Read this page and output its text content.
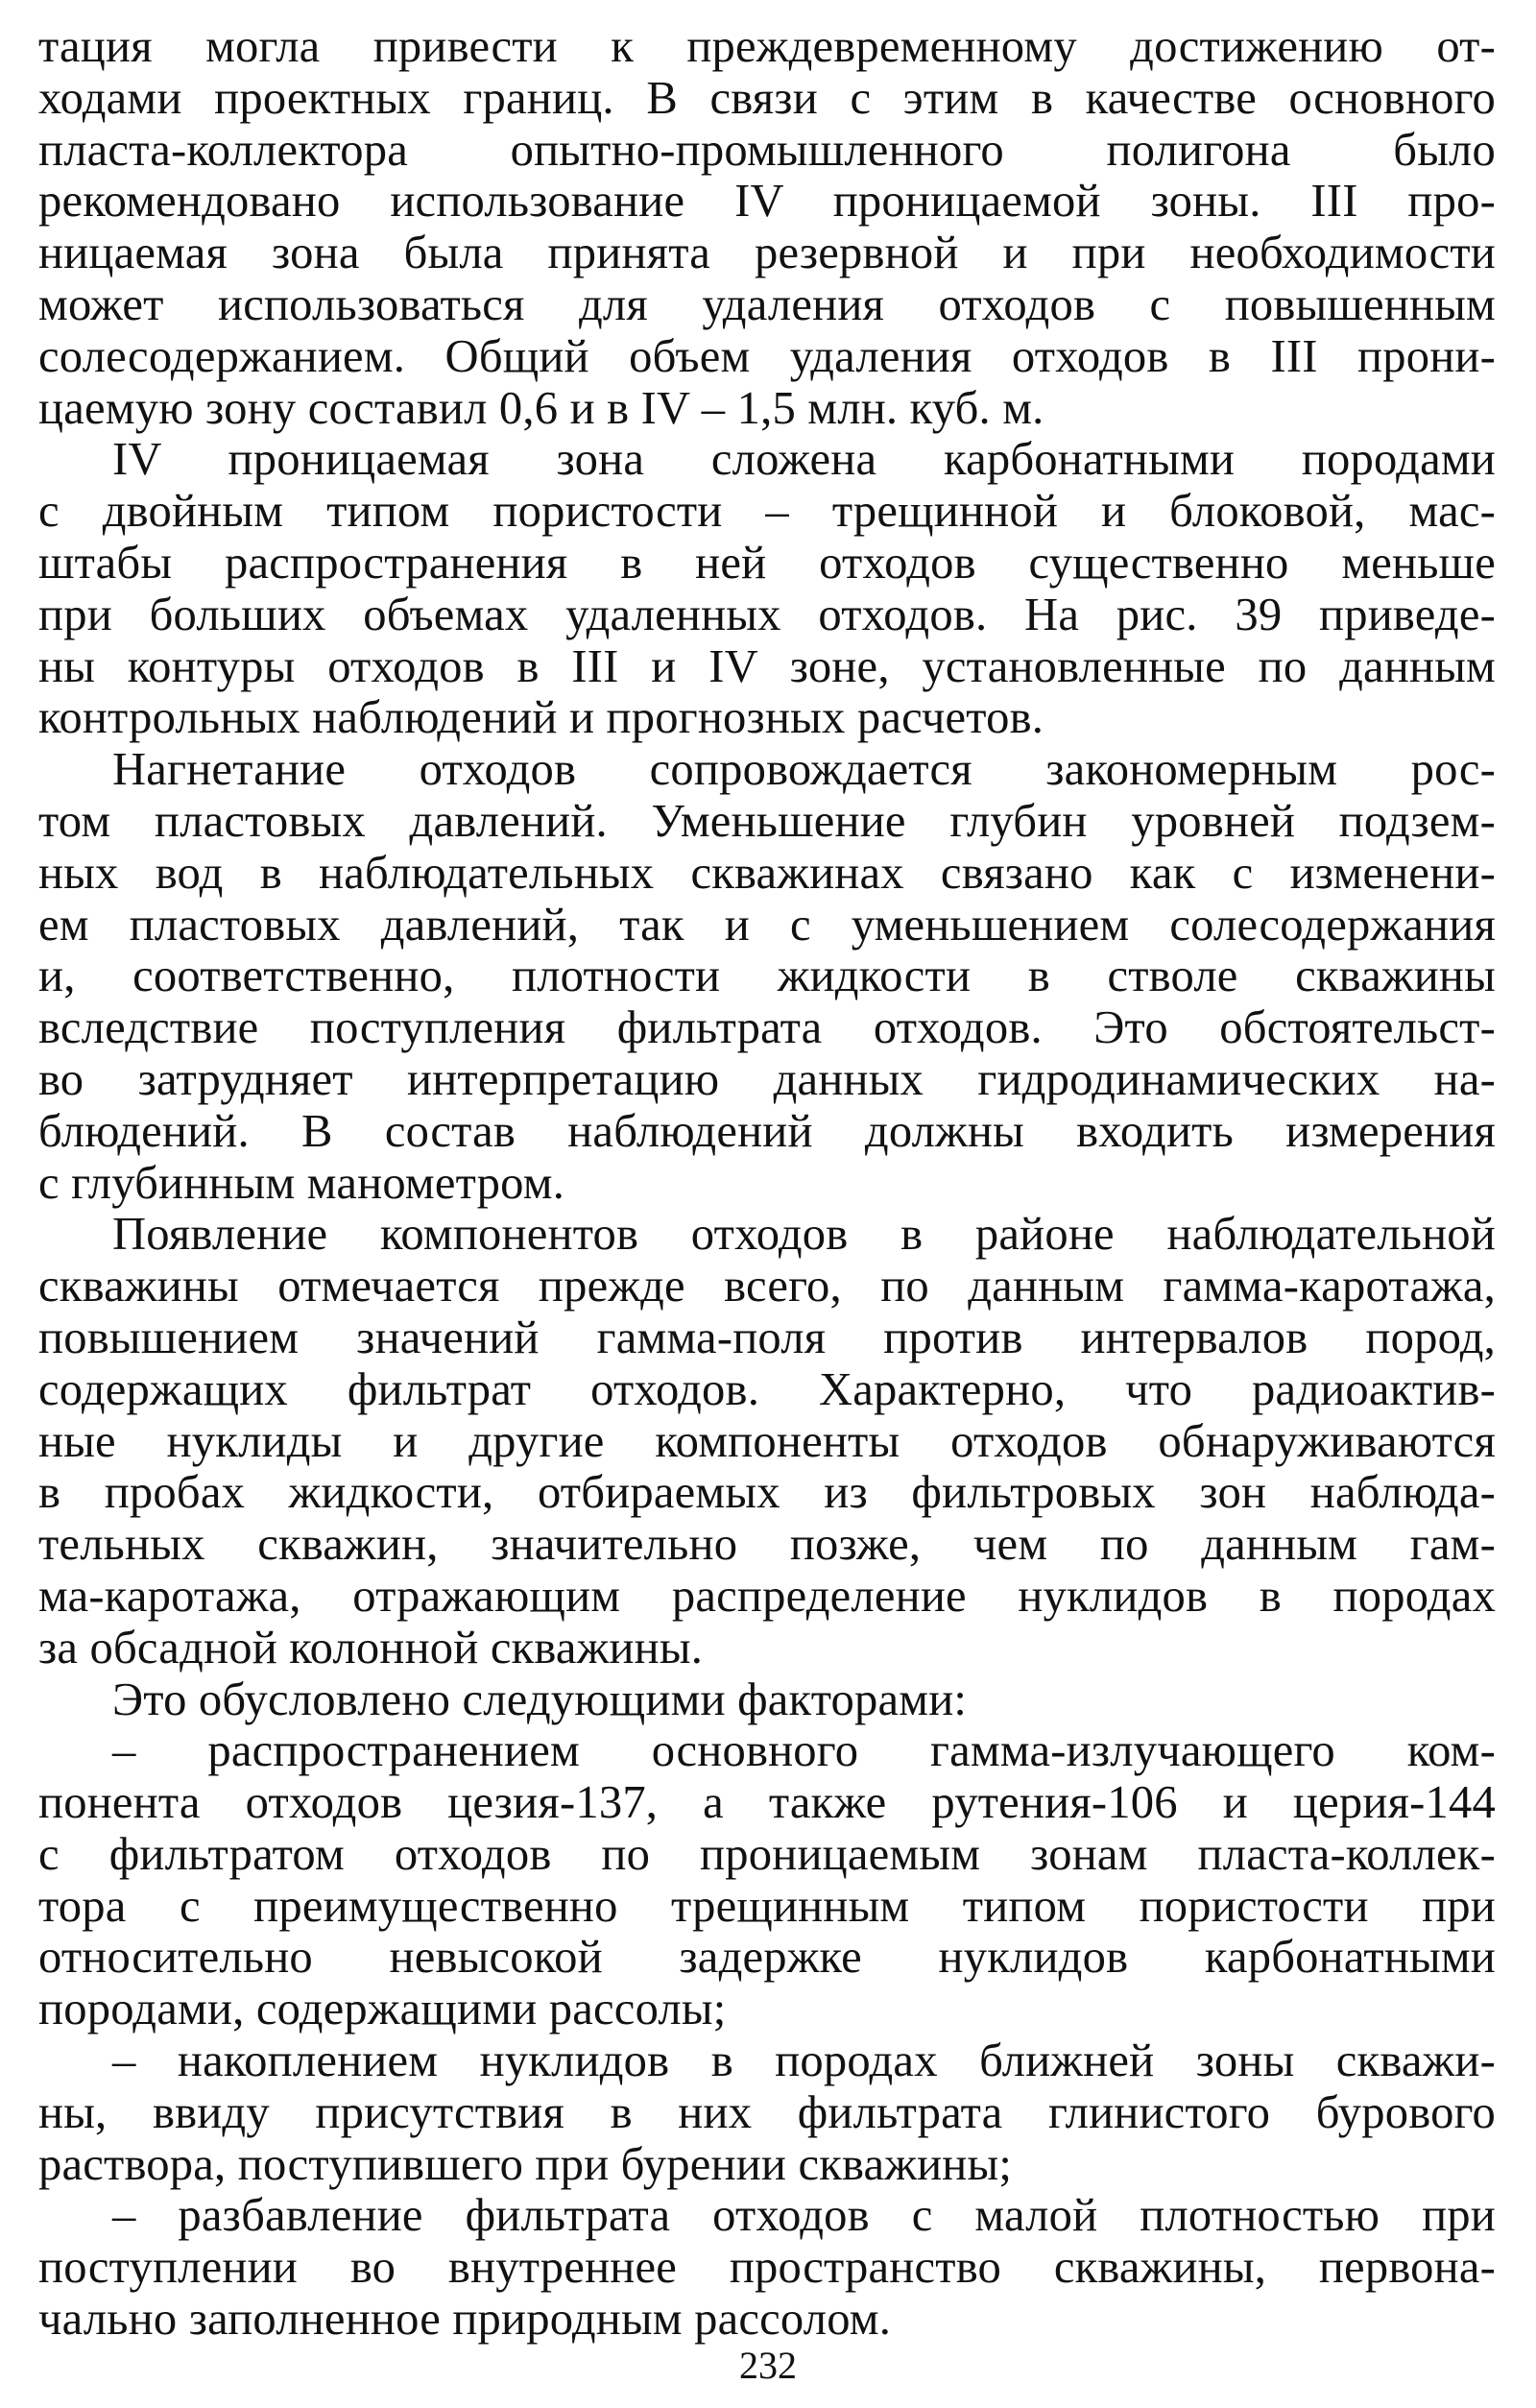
тация могла привести к преждевременному достижению от-
ходами проектных границ. В связи с этим в качестве основного
пласта-коллектора опытно-промышленного полигона было
рекомендовано использование IV проницаемой зоны. III про-
ницаемая зона была принята резервной и при необходимости
может использоваться для удаления отходов с повышенным
солесодержанием. Общий объем удаления отходов в III прони-
цаемую зону составил 0,6 и в IV – 1,5 млн. куб. м.
IV проницаемая зона сложена карбонатными породами
с двойным типом пористости – трещинной и блоковой, мас-
штабы распространения в ней отходов существенно меньше
при больших объемах удаленных отходов. На рис. 39 приведе-
ны контуры отходов в III и IV зоне, установленные по данным
контрольных наблюдений и прогнозных расчетов.
Нагнетание отходов сопровождается закономерным рос-
том пластовых давлений. Уменьшение глубин уровней подзем-
ных вод в наблюдательных скважинах связано как с изменени-
ем пластовых давлений, так и с уменьшением солесодержания
и, соответственно, плотности жидкости в стволе скважины
вследствие поступления фильтрата отходов. Это обстоятельст-
во затрудняет интерпретацию данных гидродинамических на-
блюдений. В состав наблюдений должны входить измерения
с глубинным манометром.
Появление компонентов отходов в районе наблюдательной
скважины отмечается прежде всего, по данным гамма-каротажа,
повышением значений гамма-поля против интервалов пород,
содержащих фильтрат отходов. Характерно, что радиоактив-
ные нуклиды и другие компоненты отходов обнаруживаются
в пробах жидкости, отбираемых из фильтровых зон наблюда-
тельных скважин, значительно позже, чем по данным гам-
ма-каротажа, отражающим распределение нуклидов в породах
за обсадной колонной скважины.
Это обусловлено следующими факторами:
– распространением основного гамма-излучающего ком-
понента отходов цезия-137, а также рутения-106 и церия-144
с фильтратом отходов по проницаемым зонам пласта-коллек-
тора с преимущественно трещинным типом пористости при
относительно невысокой задержке нуклидов карбонатными
породами, содержащими рассолы;
– накоплением нуклидов в породах ближней зоны скважи-
ны, ввиду присутствия в них фильтрата глинистого бурового
раствора, поступившего при бурении скважины;
– разбавление фильтрата отходов с малой плотностью при
поступлении во внутреннее пространство скважины, первона-
чально заполненное природным рассолом.
232
